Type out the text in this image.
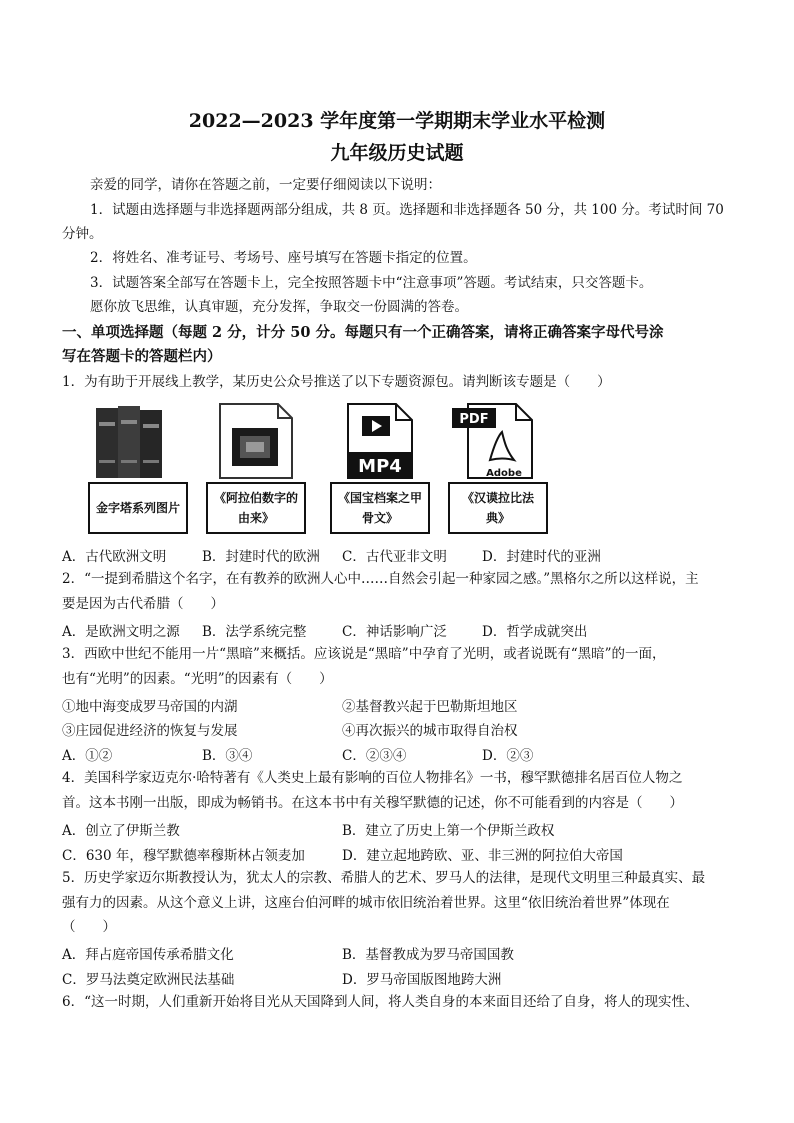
2022—2023 学年度第一学期期末学业水平检测
九年级历史试题
亲爱的同学，请你在答题之前，一定要仔细阅读以下说明：
1．试题由选择题与非选择题两部分组成，共 8 页。选择题和非选择题各 50 分，共 100 分。考试时间 70
分钟。
2．将姓名、准考证号、考场号、座号填写在答题卡指定的位置。
3．试题答案全部写在答题卡上，完全按照答题卡中“注意事项”答题。考试结束，只交答题卡。
愿你放飞思维，认真审题，充分发挥，争取交一份圆满的答卷。
一、单项选择题（每题 2 分，计分 50 分。每题只有一个正确答案，请将正确答案字母代号涂
写在答题卡的答题栏内）
1．为有助于开展线上教学，某历史公众号推送了以下专题资源包。请判断该专题是（　　）
金字塔系列图片
《阿拉伯数字的由来》
MP4
《国宝档案之甲骨文》
PDF
Adobe
《汉谟拉比法典》
A．古代欧洲文明	B．封建时代的欧洲 C．古代亚非文明	D．封建时代的亚洲
2．“一提到希腊这个名字，在有教养的欧洲人心中……自然会引起一种家园之感。”黑格尔之所以这样说，主
要是因为古代希腊（　　）
A．是欧洲文明之源 B．法学系统完整	C．神话影响广泛	D．哲学成就突出
3．西欧中世纪不能用一片“黑暗”来概括。应该说是“黑暗”中孕育了光明，或者说既有“黑暗”的一面，
也有“光明”的因素。“光明”的因素有（　　）
①地中海变成罗马帝国的内湖	②基督教兴起于巴勒斯坦地区
③庄园促进经济的恢复与发展	④再次振兴的城市取得自治权
A．①②	B．③④	C．②③④	D．②③
4．美国科学家迈克尔·哈特著有《人类史上最有影响的百位人物排名》一书，穆罕默德排名居百位人物之
首。这本书刚一出版，即成为畅销书。在这本书中有关穆罕默德的记述，你不可能看到的内容是（　　）
A．创立了伊斯兰教	B．建立了历史上第一个伊斯兰政权
C．630 年，穆罕默德率穆斯林占领麦加	D．建立起地跨欧、亚、非三洲的阿拉伯大帝国
5．历史学家迈尔斯教授认为，犹太人的宗教、希腊人的艺术、罗马人的法律，是现代文明里三种最真实、最
强有力的因素。从这个意义上讲，这座台伯河畔的城市依旧统治着世界。这里“依旧统治着世界”体现在
（　　）
A．拜占庭帝国传承希腊文化	B．基督教成为罗马帝国国教
C．罗马法奠定欧洲民法基础	D．罗马帝国版图地跨大洲
6．“这一时期，人们重新开始将目光从天国降到人间，将人类自身的本来面目还给了自身，将人的现实性、
